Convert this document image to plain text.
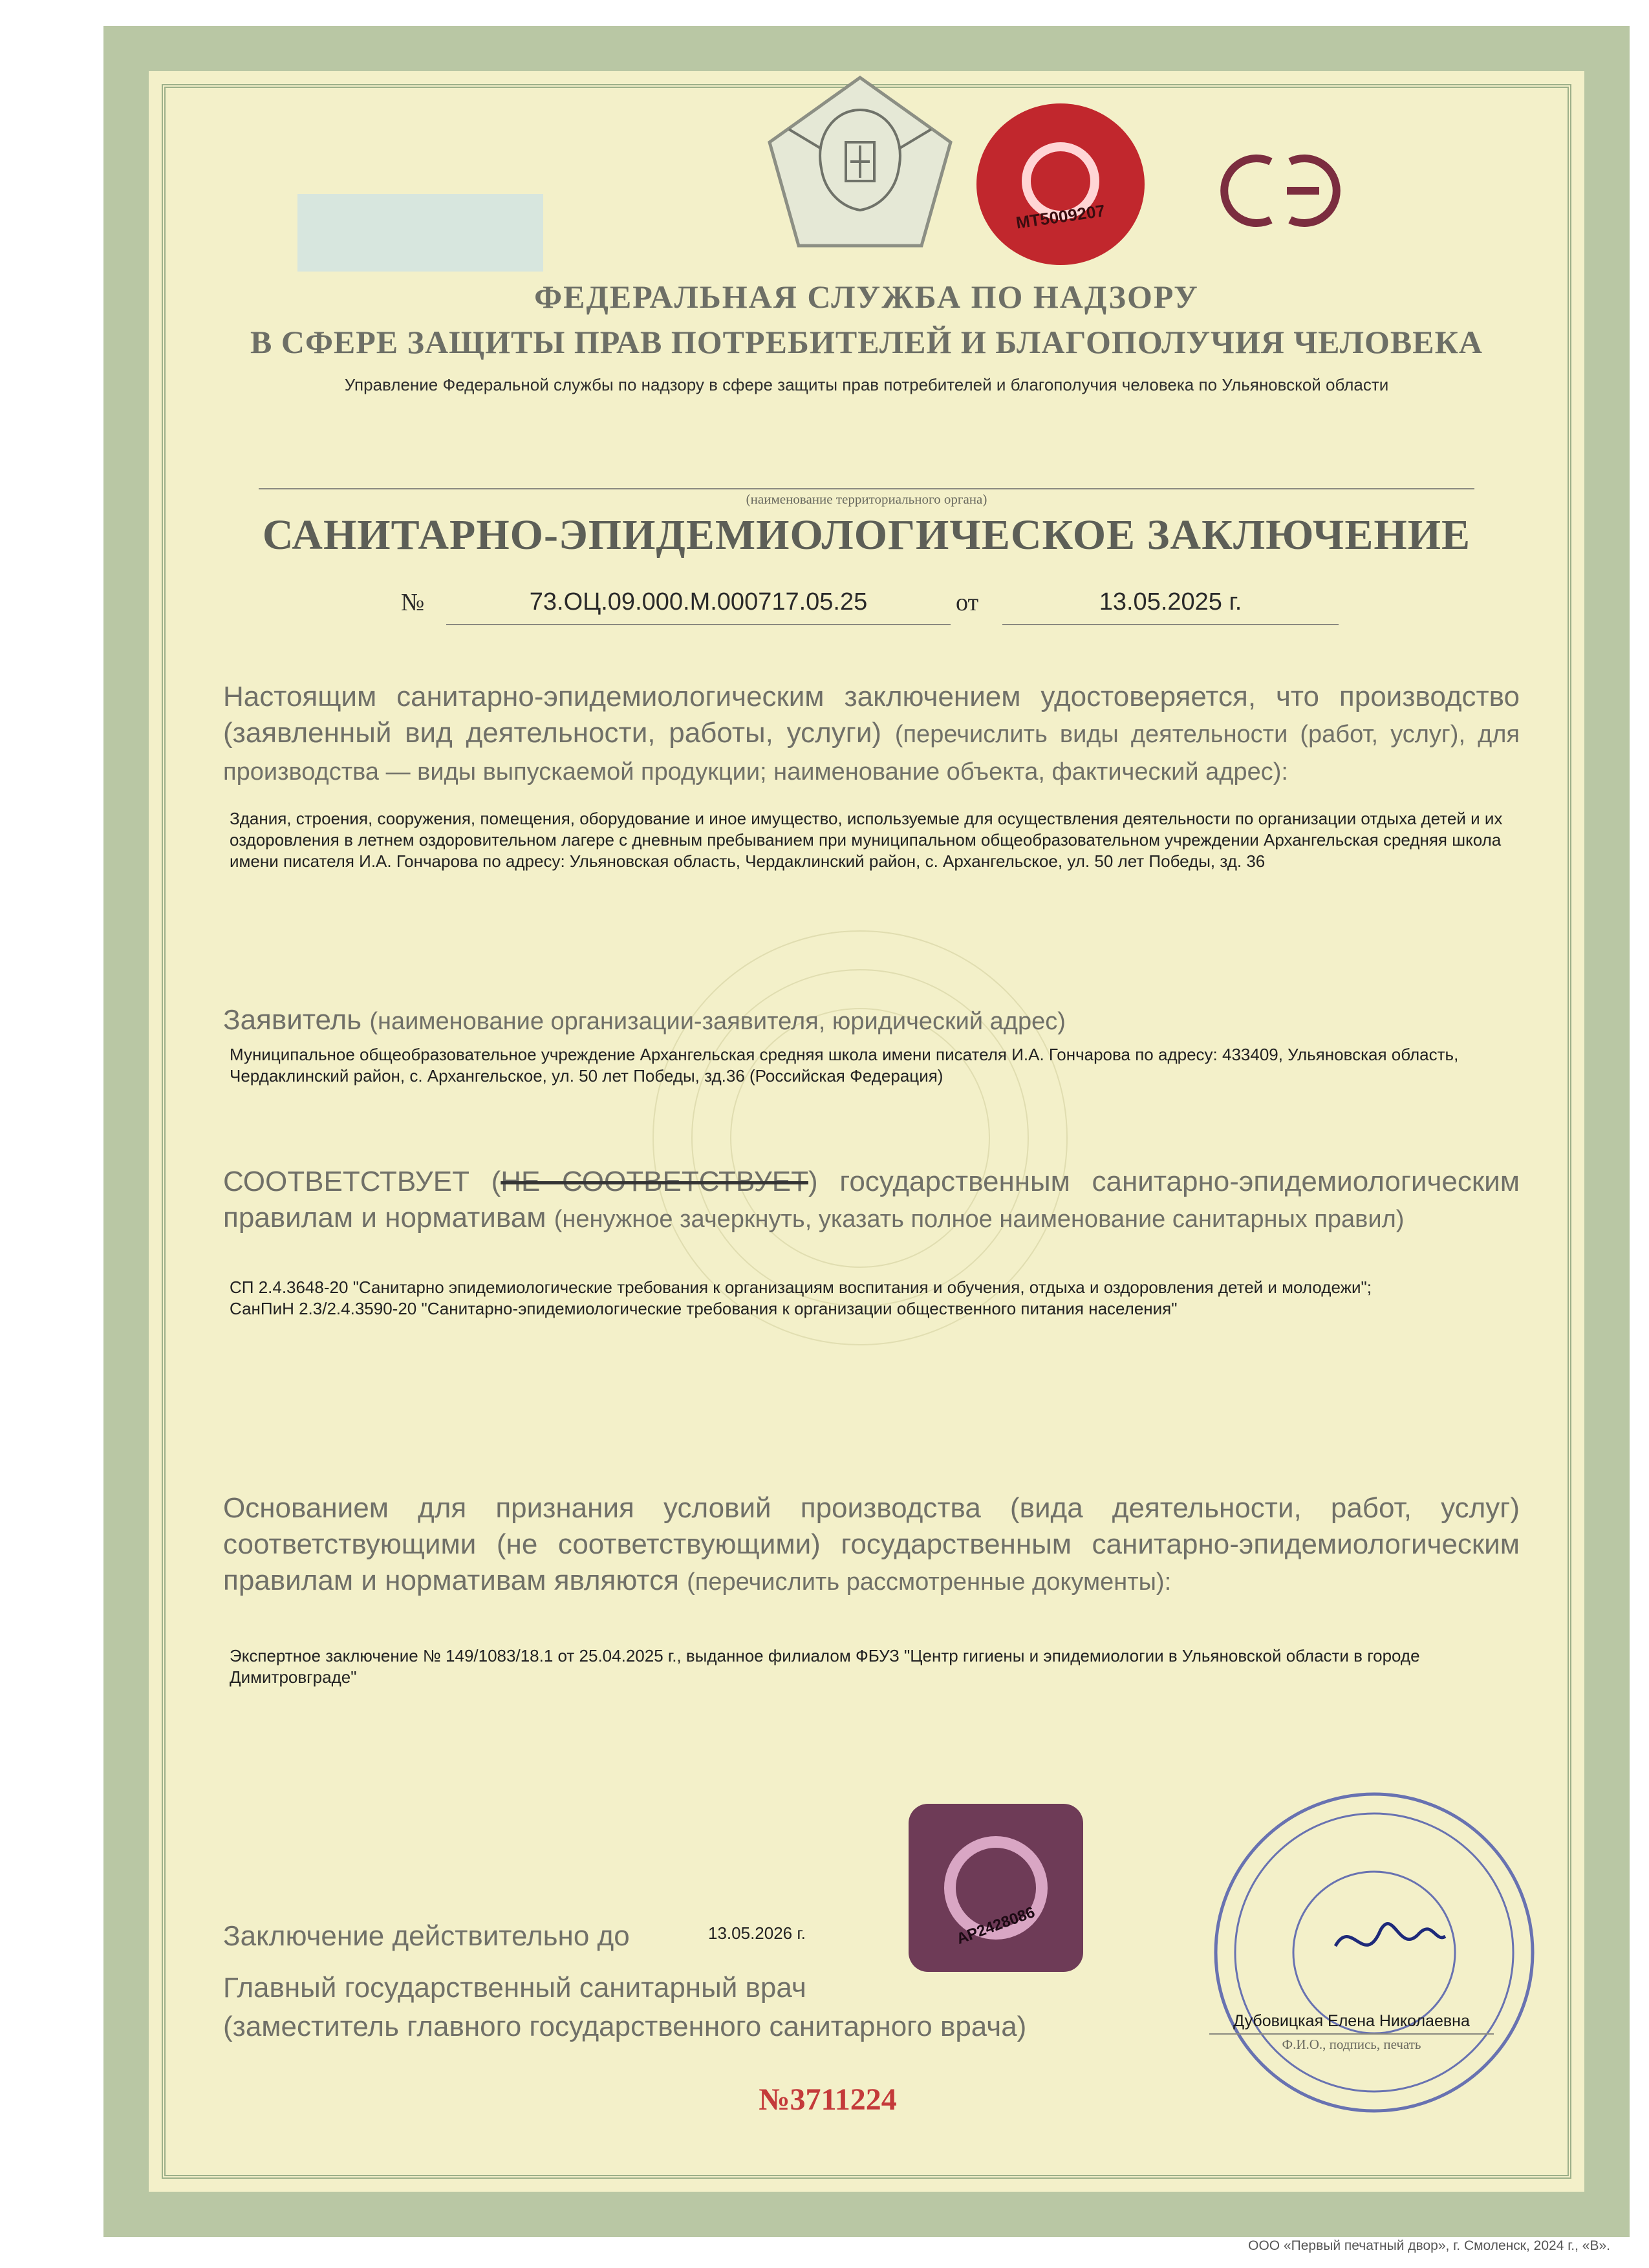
MT5009207
ФЕДЕРАЛЬНАЯ СЛУЖБА ПО НАДЗОРУ
В СФЕРЕ ЗАЩИТЫ ПРАВ ПОТРЕБИТЕЛЕЙ И БЛАГОПОЛУЧИЯ ЧЕЛОВЕКА
Управление Федеральной службы по надзору в сфере защиты прав потребителей и благополучия человека по Ульяновской области
(наименование территориального органа)
САНИТАРНО-ЭПИДЕМИОЛОГИЧЕСКОЕ ЗАКЛЮЧЕНИЕ
№	73.ОЦ.09.000.М.000717.05.25	от	13.05.2025 г.
Настоящим санитарно-эпидемиологическим заключением удостоверяется, что производство (заявленный вид деятельности, работы, услуги) (перечислить виды деятельности (работ, услуг), для производства — виды выпускаемой продукции; наименование объекта, фактический адрес):
Здания, строения, сооружения, помещения, оборудование и иное имущество, используемые для осуществления деятельности по организации отдыха детей и их оздоровления в летнем оздоровительном лагере с дневным пребыванием при муниципальном общеобразовательном учреждении Архангельская средняя школа имени писателя И.А. Гончарова по адресу: Ульяновская область, Чердаклинский район, с. Архангельское, ул. 50 лет Победы, зд. 36
Заявитель (наименование организации-заявителя, юридический адрес)
Муниципальное общеобразовательное учреждение Архангельская средняя школа имени писателя И.А. Гончарова по адресу: 433409, Ульяновская область, Чердаклинский район, с. Архангельское, ул. 50 лет Победы, зд.36 (Российская Федерация)
СООТВЕТСТВУЕТ (НЕ СООТВЕТСТВУЕТ) государственным санитарно-эпидемиологическим правилам и нормативам (ненужное зачеркнуть, указать полное наименование санитарных правил)
СП 2.4.3648-20 "Санитарно эпидемиологические требования к организациям воспитания и обучения, отдыха и оздоровления детей и молодежи";
СанПиН 2.3/2.4.3590-20 "Санитарно-эпидемиологические требования к организации общественного питания населения"
Основанием для признания условий производства (вида деятельности, работ, услуг) соответствующими (не соответствующими) государственным санитарно-эпидемиологическим правилам и нормативам являются (перечислить рассмотренные документы):
Экспертное заключение № 149/1083/18.1 от 25.04.2025 г., выданное филиалом ФБУЗ "Центр гигиены и эпидемиологии в Ульяновской области в городе Димитровграде"
AP2428086
Заключение действительно до	13.05.2026 г.
Главный государственный санитарный врач
(заместитель главного государственного санитарного врача)	Дубовицкая Елена Николаевна
Ф.И.О., подпись, печать
№3711224
ООО «Первый печатный двор», г. Смоленск, 2024 г., «В».
